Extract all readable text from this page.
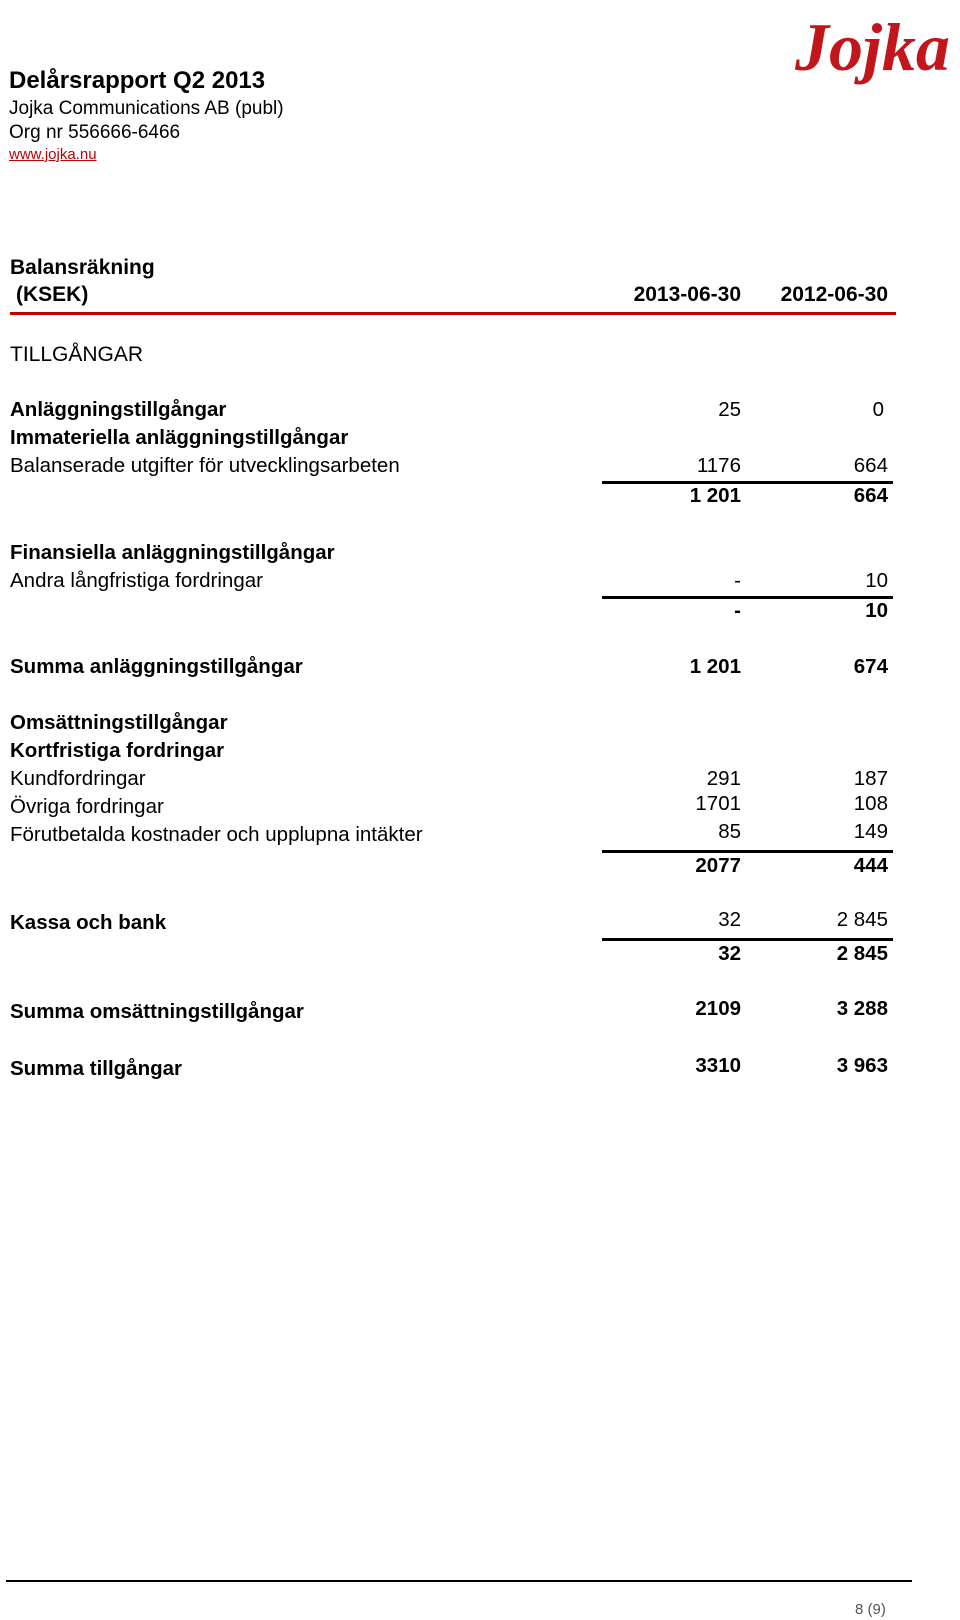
Delårsrapport Q2 2013
Jojka Communications AB (publ)
Org nr 556666-6466
www.jojka.nu
Jojka
Balansräkning
(KSEK)	2013-06-30	2012-06-30
TILLGÅNGAR
Anläggningstillgångar	25	0
Immateriella anläggningstillgångar
Balanserade utgifter för utvecklingsarbeten	1176	664
1 201	664
Finansiella anläggningstillgångar
Andra långfristiga fordringar	-	10
-	10
Summa anläggningstillgångar	1 201	674
Omsättningstillgångar
Kortfristiga fordringar
Kundfordringar	291	187
Övriga fordringar	1701	108
Förutbetalda kostnader och upplupna intäkter	85	149
2077	444
Kassa och bank	32	2 845
32	2 845
Summa omsättningstillgångar	2109	3 288
Summa tillgångar	3310	3 963
8 (9)
